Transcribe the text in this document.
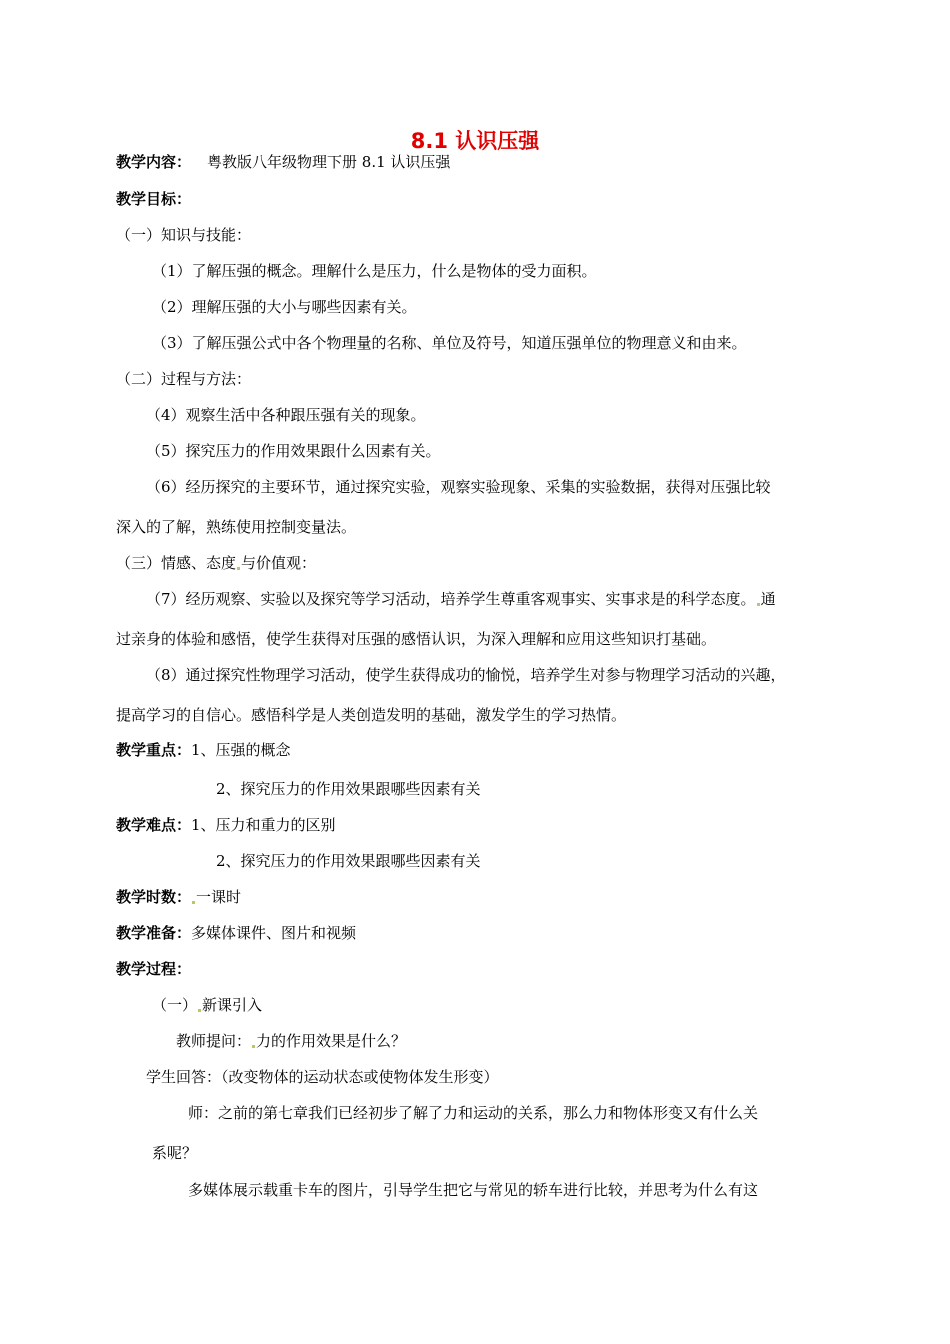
8.1 认识压强
教学内容： 粤教版八年级物理下册 8.1 认识压强
教学目标：
（一）知识与技能：
（1）了解压强的概念。理解什么是压力，什么是物体的受力面积。
（2）理解压强的大小与哪些因素有关。
（3）了解压强公式中各个物理量的名称、单位及符号，知道压强单位的物理意义和由来。
（二）过程与方法：
（4）观察生活中各种跟压强有关的现象。
（5）探究压力的作用效果跟什么因素有关。
（6）经历探究的主要环节，通过探究实验，观察实验现象、采集的实验数据，获得对压强比较
深入的了解，熟练使用控制变量法。
（三）情感、态度 与价值观：
（7）经历观察、实验以及探究等学习活动，培养学生尊重客观事实、实事求是的科学态度。 通
过亲身的体验和感悟，使学生获得对压强的感悟认识，为深入理解和应用这些知识打基础。
（8）通过探究性物理学习活动，使学生获得成功的愉悦，培养学生对参与物理学习活动的兴趣，
提高学习的自信心。感悟科学是人类创造发明的基础，激发学生的学习热情。
教学重点：1、压强的概念
2、探究压力的作用效果跟哪些因素有关
教学难点：1、压力和重力的区别
2、探究压力的作用效果跟哪些因素有关
教学时数： 一课时
教学准备：多媒体课件、图片和视频
教学过程：
（一） 新课引入
教师提问： 力的作用效果是什么？
学生回答：（改变物体的运动状态或使物体发生形变）
师：之前的第七章我们已经初步了解了力和运动的关系，那么力和物体形变又有什么关
系呢？
多媒体展示载重卡车的图片，引导学生把它与常见的轿车进行比较，并思考为什么有这
